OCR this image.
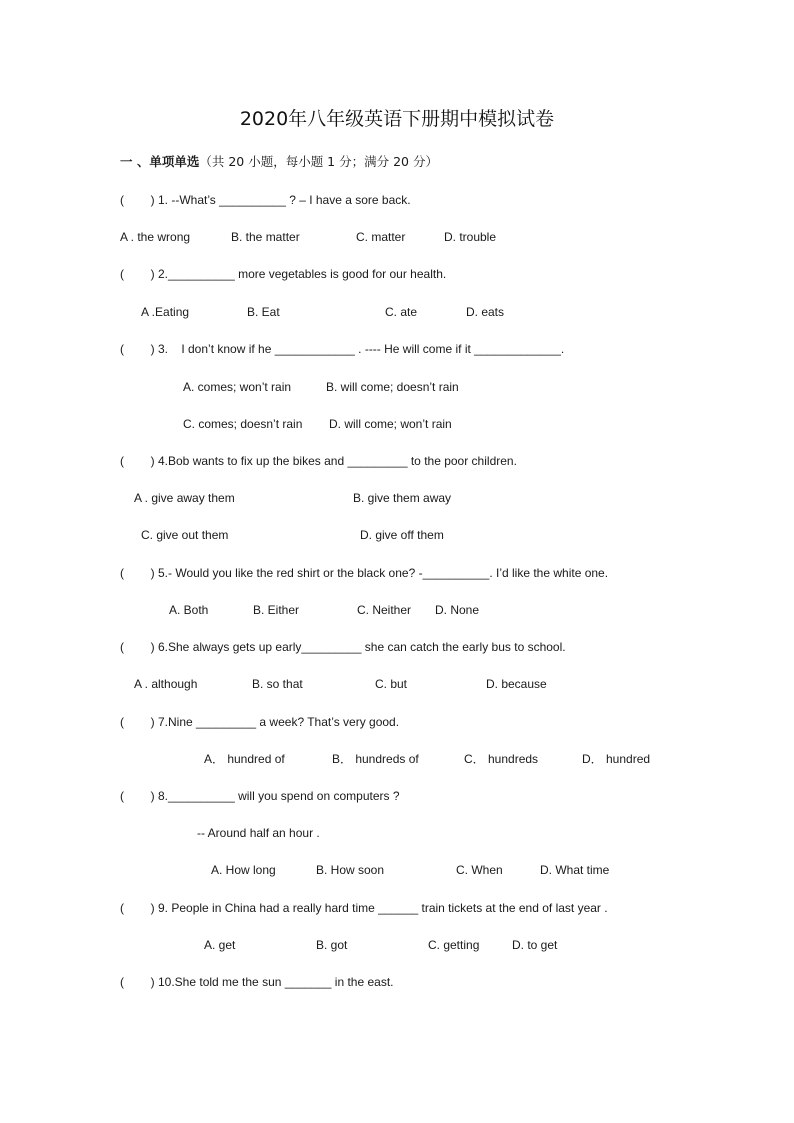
2020年八年级英语下册期中模拟试卷
一 、单项单选（共 20 小题，每小题 1 分；满分 20 分）
(        ) 1. --What’s __________ ? – I have a sore back.
A . the wrong	B. the matter	C. matter	D. trouble
(        ) 2.__________ more vegetables is good for our health.
A .Eating	B. Eat	C. ate	D. eats
(        ) 3.    I don’t know if he ____________ . ---- He will come if it _____________.
A. comes; won’t rain	B. will come; doesn’t rain
C. comes; doesn’t rain D. will come; won’t rain
(        ) 4.Bob wants to fix up the bikes and _________ to the poor children.
A . give away them	B. give them away
C. give out them	D. give off them
(        ) 5.- Would you like the red shirt or the black one? -__________. I’d like the white one.
A. Both	B. Either	C. Neither D. None
(        ) 6.She always gets up early_________ she can catch the early bus to school.
A . although	B. so that	C. but	D. because
(        ) 7.Nine _________ a week? That’s very good.
A． hundred of	B． hundreds of	C． hundreds	D． hundred
(        ) 8.__________ will you spend on computers ?
-- Around half an hour .
A. How long	B. How soon	C. When	D. What time
(        ) 9. People in China had a really hard time ______ train tickets at the end of last year .
A. get	B. got	C. getting	D. to get
(        ) 10.She told me the sun _______ in the east.
